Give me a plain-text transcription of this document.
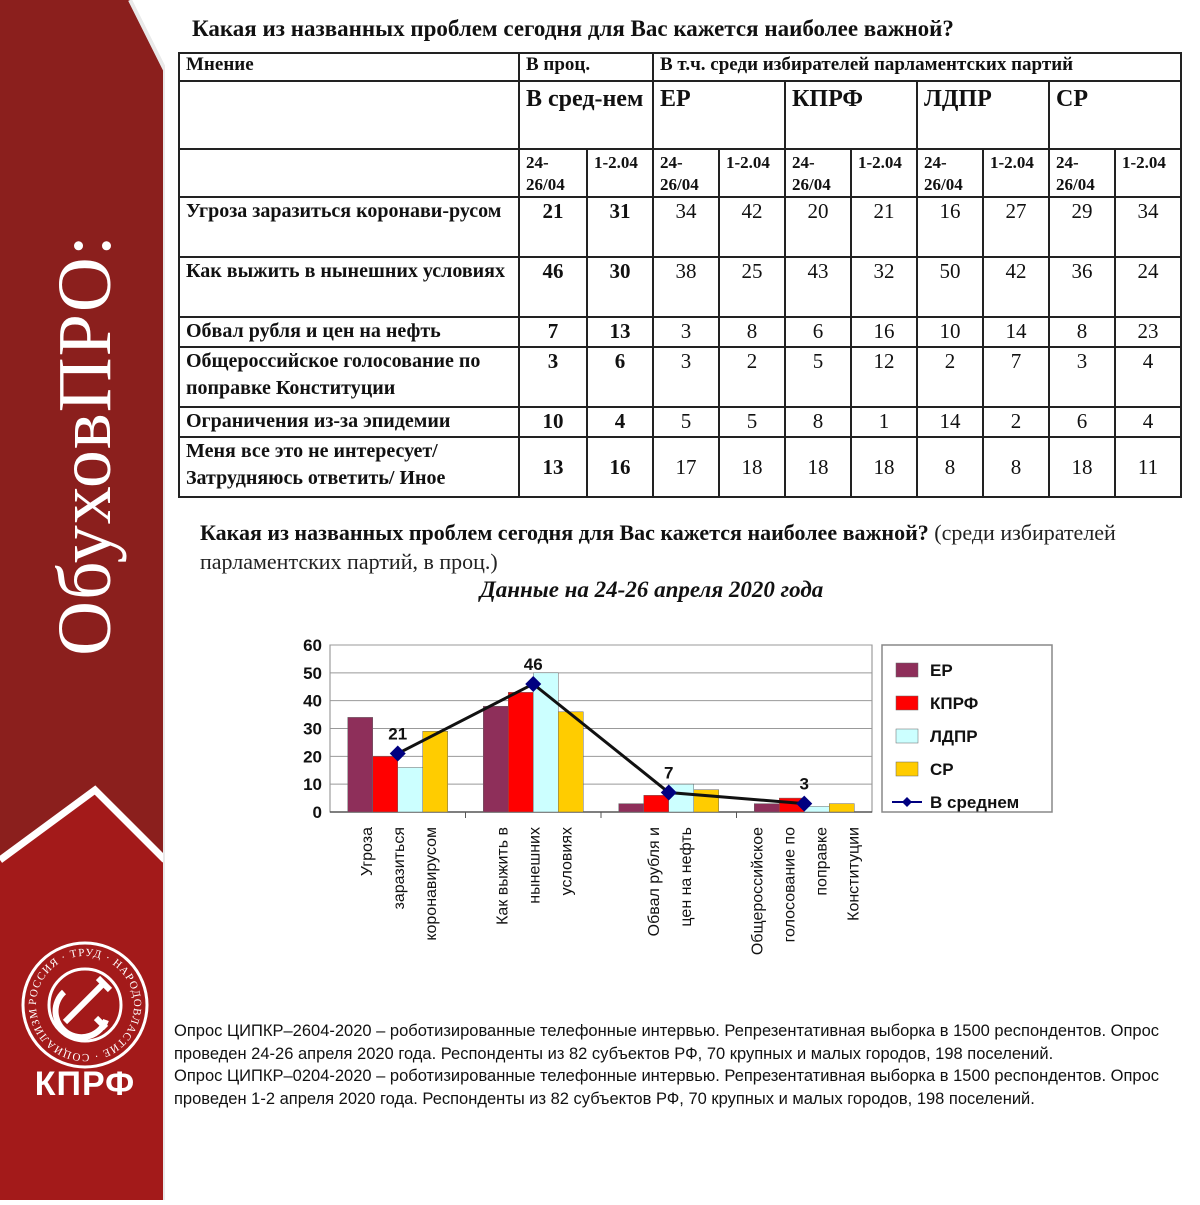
ОбуховПРО:
РОССИЯ · ТРУД · НАРОДОВЛАСТИЕ · СОЦИАЛИЗМ
КПРФ
Какая из названных проблем сегодня для Вас кажется наиболее важной?
Мнение	В проц.		В т.ч. среди избирателей парламентских партий							
	В сред-нем		ЕР		КПРФ		ЛДПР		СР	
	24-26/04	1-2.04	24-26/04	1-2.04	24-26/04	1-2.04	24-26/04	1-2.04	24-26/04	1-2.04
Угроза заразиться коронави-русом	21	31	34	42	20	21	16	27	29	34
Как выжить в нынешних условиях	46	30	38	25	43	32	50	42	36	24
Обвал рубля и цен на нефть	7	13	3	8	6	16	10	14	8	23
Общероссийское голосование по поправке Конституции	3	6	3	2	5	12	2	7	3	4
Ограничения из-за эпидемии	10	4	5	5	8	1	14	2	6	4
Меня все это не интересует/ Затрудняюсь ответить/ Иное	13	16	17	18	18	18	8	8	18	11
Какая из названных проблем сегодня для Вас кажется наиболее важной? (среди избирателей парламентских партий, в проц.)
Данные на 24-26 апреля 2020 года
0
10
20
30
40
50
60
Угроза заразиться коронавирусом	Как выжить в нынешних условиях	Обвал рубля и цен на нефть	Общероссийское голосование по поправке Конституции
21
46
7
3
ЕР
КПРФ
ЛДПР
СР
В среднем

Опрос ЦИПКР–2604-2020 – роботизированные телефонные интервью. Репрезентативная выборка в 1500 респондентов. Опрос проведен 24-26 апреля 2020 года. Респонденты из 82 субъектов РФ, 70 крупных и малых городов, 198 поселений.

Опрос ЦИПКР–0204-2020 – роботизированные телефонные интервью. Репрезентативная выборка в 1500 респондентов. Опрос проведен 1-2 апреля 2020 года. Респонденты из 82 субъектов РФ, 70 крупных и малых городов, 198 поселений.
